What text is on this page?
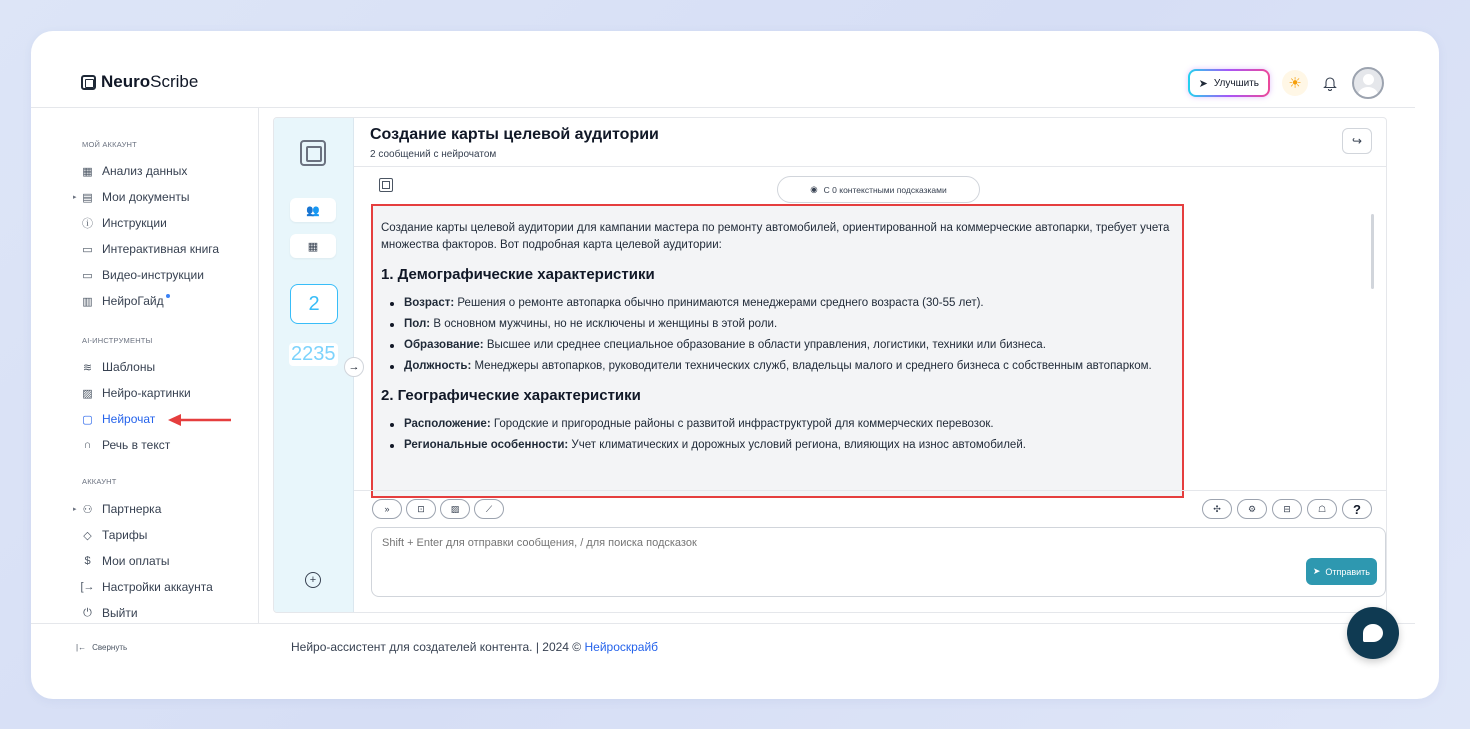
NeuroScribe	➤ Улучшить	☀
МОЙ АККАУНТ
▦ Анализ данных
▸ ▤ Мои документы
ⓘ Инструкции
▭ Интерактивная книга
▭ Видео-инструкции
▥ НейроГайд
AI-ИНСТРУМЕНТЫ
≋ Шаблоны
▨ Нейро-картинки
▢ Нейрочат
∩ Речь в текст
АККАУНТ
▸ ⚇ Партнерка
◇ Тарифы
$ Мои оплаты
[→ Настройки аккаунта
⏻ Выйти
|← Свернуть
👥
▦
2
2235
+
→
Создание карты целевой аудитории
2 сообщений с нейрочатом
↪
◉ С 0 контекстными подсказками

Создание карты целевой аудитории для кампании мастера по ремонту автомобилей, ориентированной на коммерческие автопарки, требует учета множества факторов. Вот подробная карта целевой аудитории:

1. Демографические характеристики
Возраст: Решения о ремонте автопарка обычно принимаются менеджерами среднего возраста (30-55 лет).
Пол: В основном мужчины, но не исключены и женщины в этой роли.
Образование: Высшее или среднее специальное образование в области управления, логистики, техники или бизнеса.
Должность: Менеджеры автопарков, руководители технических служб, владельцы малого и среднего бизнеса с собственным автопарком.
2. Географические характеристики
Расположение: Городские и пригородные районы с развитой инфраструктурой для коммерческих перевозок.
Региональные особенности: Учет климатических и дорожных условий региона, влияющих на износ автомобилей.
»	⊡	▨	⟋	✣	⚙	⊟	☖	?
Shift + Enter для отправки сообщения, / для поиска подсказок
➤ Отправить
Нейро-ассистент для создателей контента. | 2024 © Нейроскрайб
